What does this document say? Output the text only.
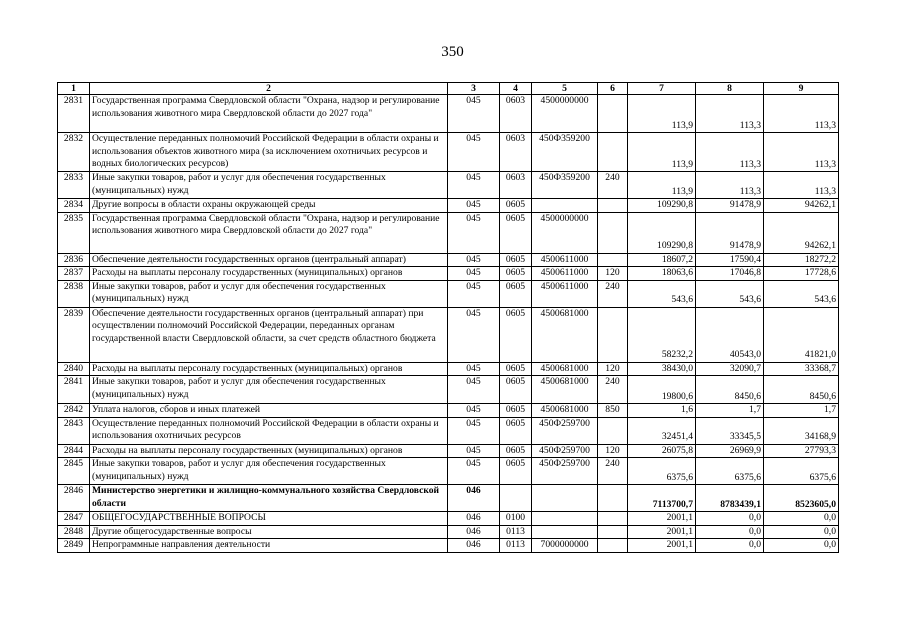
350
1	2	3	4	5	6	7	8	9
2831	Государственная программа Свердловской области "Охрана, надзор и регулирование использования животного мира Свердловской области до 2027 года"	045	0603	4500000000		113,9	113,3	113,3
2832	Осуществление переданных полномочий Российской Федерации в области охраны и использования объектов животного мира (за исключением охотничьих ресурсов и водных биологических ресурсов)	045	0603	450Ф359200		113,9	113,3	113,3
2833	Иные закупки товаров, работ и услуг для обеспечения государственных (муниципальных) нужд	045	0603	450Ф359200	240	113,9	113,3	113,3
2834	Другие вопросы в области охраны окружающей среды	045	0605			109290,8	91478,9	94262,1
2835	Государственная программа Свердловской области "Охрана, надзор и регулирование использования животного мира Свердловской области до 2027 года"	045	0605	4500000000		109290,8	91478,9	94262,1
2836	Обеспечение деятельности государственных органов (центральный аппарат)	045	0605	4500611000		18607,2	17590,4	18272,2
2837	Расходы на выплаты персоналу государственных (муниципальных) органов	045	0605	4500611000	120	18063,6	17046,8	17728,6
2838	Иные закупки товаров, работ и услуг для обеспечения государственных (муниципальных) нужд	045	0605	4500611000	240	543,6	543,6	543,6
2839	Обеспечение деятельности государственных органов (центральный аппарат) при осуществлении полномочий Российской Федерации, переданных органам государственной власти Свердловской области, за счет средств областного бюджета	045	0605	4500681000		58232,2	40543,0	41821,0
2840	Расходы на выплаты персоналу государственных (муниципальных) органов	045	0605	4500681000	120	38430,0	32090,7	33368,7
2841	Иные закупки товаров, работ и услуг для обеспечения государственных (муниципальных) нужд	045	0605	4500681000	240	19800,6	8450,6	8450,6
2842	Уплата налогов, сборов и иных платежей	045	0605	4500681000	850	1,6	1,7	1,7
2843	Осуществление переданных полномочий Российской Федерации в области охраны и использования охотничьих ресурсов	045	0605	450Ф259700		32451,4	33345,5	34168,9
2844	Расходы на выплаты персоналу государственных (муниципальных) органов	045	0605	450Ф259700	120	26075,8	26969,9	27793,3
2845	Иные закупки товаров, работ и услуг для обеспечения государственных (муниципальных) нужд	045	0605	450Ф259700	240	6375,6	6375,6	6375,6
2846	Министерство энергетики и жилищно-коммунального хозяйства Свердловской области	046				7113700,7	8783439,1	8523605,0
2847	ОБЩЕГОСУДАРСТВЕННЫЕ ВОПРОСЫ	046	0100			2001,1	0,0	0,0
2848	Другие общегосударственные вопросы	046	0113			2001,1	0,0	0,0
2849	Непрограммные направления деятельности	046	0113	7000000000		2001,1	0,0	0,0
